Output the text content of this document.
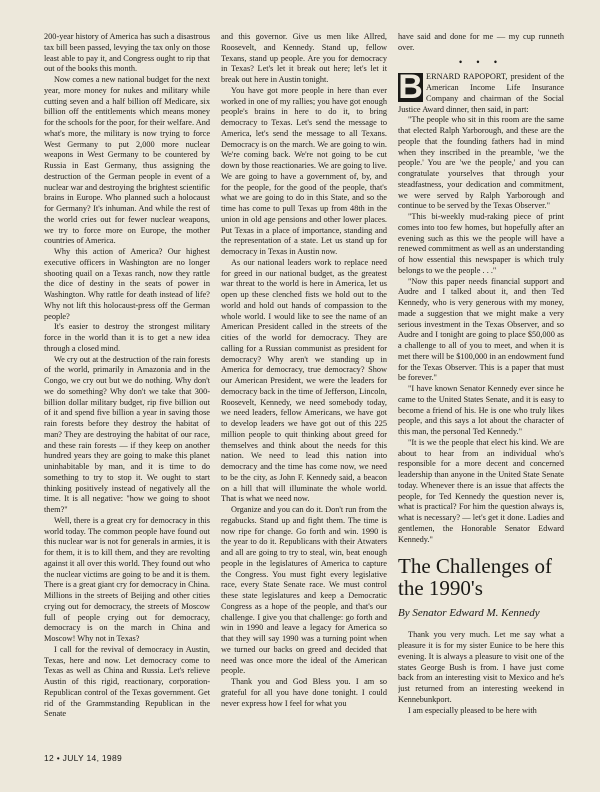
200-year history of America has such a disastrous tax bill been passed, levying the tax only on those least able to pay it, and Congress ought to rip that out of the books this month.

Now comes a new national budget for the next year, more money for nukes and military while cutting seven and a half billion off Medicare, six billion off the entitlements which means money for the schools for the poor, for their welfare. And what's more, the military is now trying to force West Germany to put 2,000 more nuclear weapons in West Germany to be countered by Russia in East Germany, thus assigning the destruction of the German people in event of a nuclear war and destroying the brightest scientific brains in Europe. Who planned such a holocaust for Germany? It's inhuman. And while the rest of the world cries out for fewer nuclear weapons, we try to force more on Europe, the mother countries of America.

Why this action of America? Our highest executive officers in Washington are no longer shooting quail on a Texas ranch, now they rattle the dice of destiny in the seats of power in Washington. Why rattle for death instead of life? Why not lift this holocaust-press off the German people?

It's easier to destroy the strongest military force in the world than it is to get a new idea through a closed mind.

We cry out at the destruction of the rain forests of the world, primarily in Amazonia and in the Congo, we cry out but we do nothing. Why don't we do something? Why don't we take that 300-billion dollar military budget, rip five billion out of it and spend five billion a year in saving those rain forests before they destroy the habitat of man? They are destroying the habitat of our race, and these rain forests — if they keep on another hundred years they are going to make this planet uninhabitable by man, and it is time to do something to try to stop it. We ought to start thinking positively instead of negatively all the time. It is all negative: "how we going to shoot them?"

Well, there is a great cry for democracy in this world today. The common people have found out this nuclear war is not for generals in armies, it is for them, it is to kill them, and they are revolting against it all over this world. They found out who the nuclear victims are going to be and it is them. There is a great giant cry for democracy in China. Millions in the streets of Beijing and other cities crying out for democracy, the streets of Moscow full of people crying out for democracy, democracy is on the march in China and Moscow! Why not in Texas?

I call for the revival of democracy in Austin, Texas, here and now. Let democracy come to Texas as well as China and Russia. Let's relieve Austin of this rigid, reactionary, corporation-Republican control of the Texas government. Get rid of the Grammstanding Republican in the Senate

and this governor. Give us men like Allred, Roosevelt, and Kennedy. Stand up, fellow Texans, stand up people. Are you for democracy in Texas? Let's let it break out here; let's let it break out here in Austin tonight.

You have got more people in here than ever worked in one of my rallies; you have got enough people's brains in here to do it, to bring democracy to Texas. Let's send the message to America, let's send the message to all Texans. Democracy is on the march. We are going to win. We're coming back. We're not going to be cut down by those reactionaries. We are going to live. We are going to have a government of, by, and for the people, for the good of the people, that's what we are going to do in this State, and so the time has come to pull Texas up from 48th in the union in old age pensions and other lower places. Put Texas in a place of importance, standing and the representation of a state. Let us stand up for democracy in Texas in Austin now.

As our national leaders work to replace need for greed in our national budget, as the greatest war threat to the world is here in America, let us open up these clenched fists we hold out to the world and hold out hands of compassion to the whole world. I would like to see the name of an American President called in the streets of the cities of the world for democracy. They are calling for a Russian communist as president for democracy? Why aren't we standing up in America for democracy, true democracy? Show our American President, we were the leaders for democracy back in the time of Jefferson, Lincoln, Roosevelt, Kennedy, we need somebody today, we need leaders, fellow Americans, we have got to develop leaders we have got out of this 225 million people to quit thinking about greed for themselves and think about the needs for this nation. We need to lead this nation into democracy and the time has come now, we need to be the city, as John F. Kennedy said, a beacon on a hill that will illuminate the whole world. That is what we need now.

Organize and you can do it. Don't run from the regabucks. Stand up and fight them. The time is now ripe for change. Go forth and win. 1990 is the year to do it. Republicans with their Atwaters and all are going to try to steal, win, beat enough people in the legislatures of America to capture the Congress. You must fight every legislative race, every State Senate race. We must control these state legislatures and keep a Democratic Congress as a hope of the people, and that's our challenge. I give you that challenge: go forth and win in 1990 and leave a legacy for America so that they will say 1990 was a turning point when we turned our backs on greed and decided that need was once more the ideal of the American people.

Thank you and God Bless you. I am so grateful for all you have done tonight. I could never express how I feel for what you

have said and done for me — my cup runneth over.

• • •

B ERNARD RAPOPORT, president of the American Income Life Insurance Company and chairman of the Social Justice Award dinner, then said, in part:

"The people who sit in this room are the same that elected Ralph Yarborough, and these are the people that the founding fathers had in mind when they inscribed in the preamble, 'we the people.' You are 'we the people,' and you can congratulate yourselves that through your steadfastness, your dedication and commitment, we were served by Ralph Yarborough and continue to be served by the Texas Observer."

"This bi-weekly mud-raking piece of print comes into too few homes, but hopefully after an evening such as this we the people will have a renewed commitment as well as an understanding of how essential this newspaper is which truly belongs to we the people . . ."

"Now this paper needs financial support and Audre and I talked about it, and then Ted Kennedy, who is very generous with my money, made a suggestion that we might make a very serious investment in the Texas Observer, and so Audre and I tonight are going to place $50,000 as a challenge to all of you to meet, and when it is met there will be $100,000 in an endowment fund for the Texas Observer. This is a paper that must be forever."

"I have known Senator Kennedy ever since he came to the United States Senate, and it is easy to become a friend of his. He is one who truly likes people, and this says a lot about the character of this man, the personal Ted Kennedy."

"It is we the people that elect his kind. We are about to hear from an individual who's responsible for a more decent and concerned leadership than anyone in the United State Senate today. Whenever there is an issue that affects the people, for Ted Kennedy the question never is, what is practical? For him the question always is, what is necessary? — let's get it done. Ladies and gentlemen, the Honorable Senator Edward Kennedy."

The Challenges of the 1990's
By Senator Edward M. Kennedy

Thank you very much. Let me say what a pleasure it is for my sister Eunice to be here this evening. It is always a pleasure to visit one of the states George Bush is from. I have just come back from an interesting visit to Mexico and he's just returned from an interesting weekend in Kennebunkport.

I am especially pleased to be here with

12 • JULY 14, 1989
